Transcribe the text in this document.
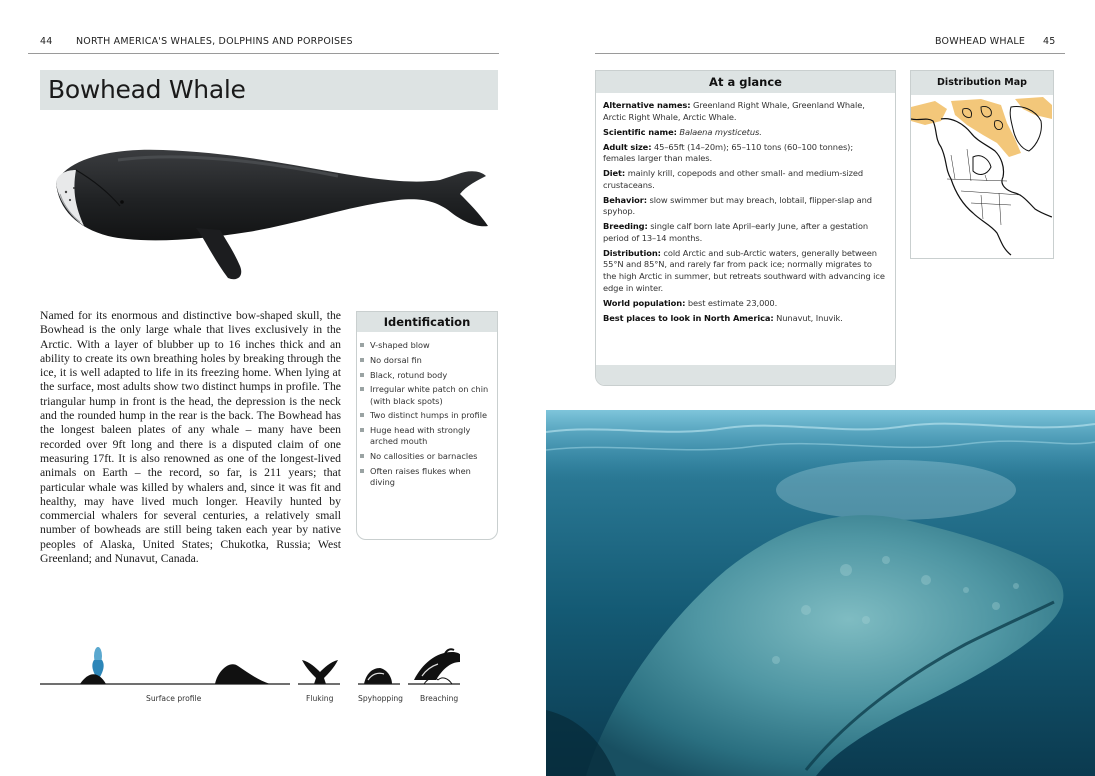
44 NORTH AMERICA'S WHALES, DOLPHINS AND PORPOISES
Bowhead Whale
Named for its enormous and distinctive bow-shaped skull, the Bowhead is the only large whale that lives exclusively in the Arctic. With a layer of blubber up to 16 inches thick and an ability to create its own breathing holes by breaking through the ice, it is well adapted to life in its freezing home. When lying at the surface, most adults show two distinct humps in profile. The triangular hump in front is the head, the depression is the neck and the rounded hump in the rear is the back. The Bowhead has the longest baleen plates of any whale – many have been recorded over 9ft long and there is a disputed claim of one measuring 17ft. It is also renowned as one of the longest-lived animals on Earth – the record, so far, is 211 years; that particular whale was killed by whalers and, since it was fit and healthy, may have lived much longer. Heavily hunted by commercial whalers for several centuries, a relatively small number of bowheads are still being taken each year by native peoples of Alaska, United States; Chukotka, Russia; West Greenland; and Nunavut, Canada.
Identification
V-shaped blow
No dorsal fin
Black, rotund body
Irregular white patch on chin (with black spots)
Two distinct humps in profile
Huge head with strongly arched mouth
No callosities or barnacles
Often raises flukes when diving
Surface profile	Fluking	Spyhopping Breaching
BOWHEAD WHALE 45
At a glance

Alternative names: Greenland Right Whale, Greenland Whale, Arctic Right Whale, Arctic Whale.

Scientific name: Balaena mysticetus.

Adult size: 45–65ft (14–20m); 65–110 tons (60–100 tonnes); females larger than males.

Diet: mainly krill, copepods and other small- and medium-sized crustaceans.

Behavior: slow swimmer but may breach, lobtail, flipper-slap and spyhop.

Breeding: single calf born late April–early June, after a gestation period of 13–14 months.

Distribution: cold Arctic and sub-Arctic waters, generally between 55°N and 85°N, and rarely far from pack ice; normally migrates to the high Arctic in summer, but retreats southward with advancing ice edge in winter.

World population: best estimate 23,000.

Best places to look in North America: Nunavut, Inuvik.

Distribution Map
